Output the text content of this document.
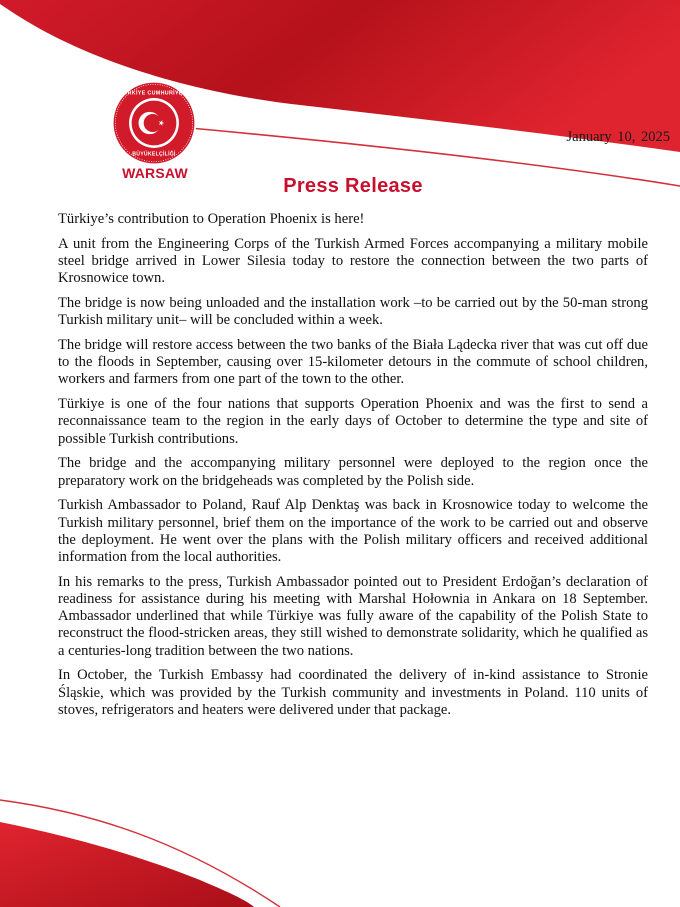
TÜRKİYE CUMHURİYETİ
BÜYÜKELÇİLİĞİ
WARSAW
January 10, 2025
Press Release

Türkiye’s contribution to Operation Phoenix is here!

A unit from the Engineering Corps of the Turkish Armed Forces accompanying a military mobile steel bridge arrived in Lower Silesia today to restore the connection between the two parts of Krosnowice town.

The bridge is now being unloaded and the installation work –to be carried out by the 50-man strong Turkish military unit– will be concluded within a week.

The bridge will restore access between the two banks of the Biała Lądecka river that was cut off due to the floods in September, causing over 15-kilometer detours in the commute of school children, workers and farmers from one part of the town to the other.

Türkiye is one of the four nations that supports Operation Phoenix and was the first to send a reconnaissance team to the region in the early days of October to determine the type and site of possible Turkish contributions.

The bridge and the accompanying military personnel were deployed to the region once the preparatory work on the bridgeheads was completed by the Polish side.

Turkish Ambassador to Poland, Rauf Alp Denktaş was back in Krosnowice today to welcome the Turkish military personnel, brief them on the importance of the work to be carried out and observe the deployment. He went over the plans with the Polish military officers and received additional information from the local authorities.

In his remarks to the press, Turkish Ambassador pointed out to President Erdoğan’s declaration of readiness for assistance during his meeting with Marshal Hołownia in Ankara on 18 September. Ambassador underlined that while Türkiye was fully aware of the capability of the Polish State to reconstruct the flood-stricken areas, they still wished to demonstrate solidarity, which he qualified as a centuries-long tradition between the two nations.

In October, the Turkish Embassy had coordinated the delivery of in-kind assistance to Stronie Śląskie, which was provided by the Turkish community and investments in Poland. 110 units of stoves, refrigerators and heaters were delivered under that package.
